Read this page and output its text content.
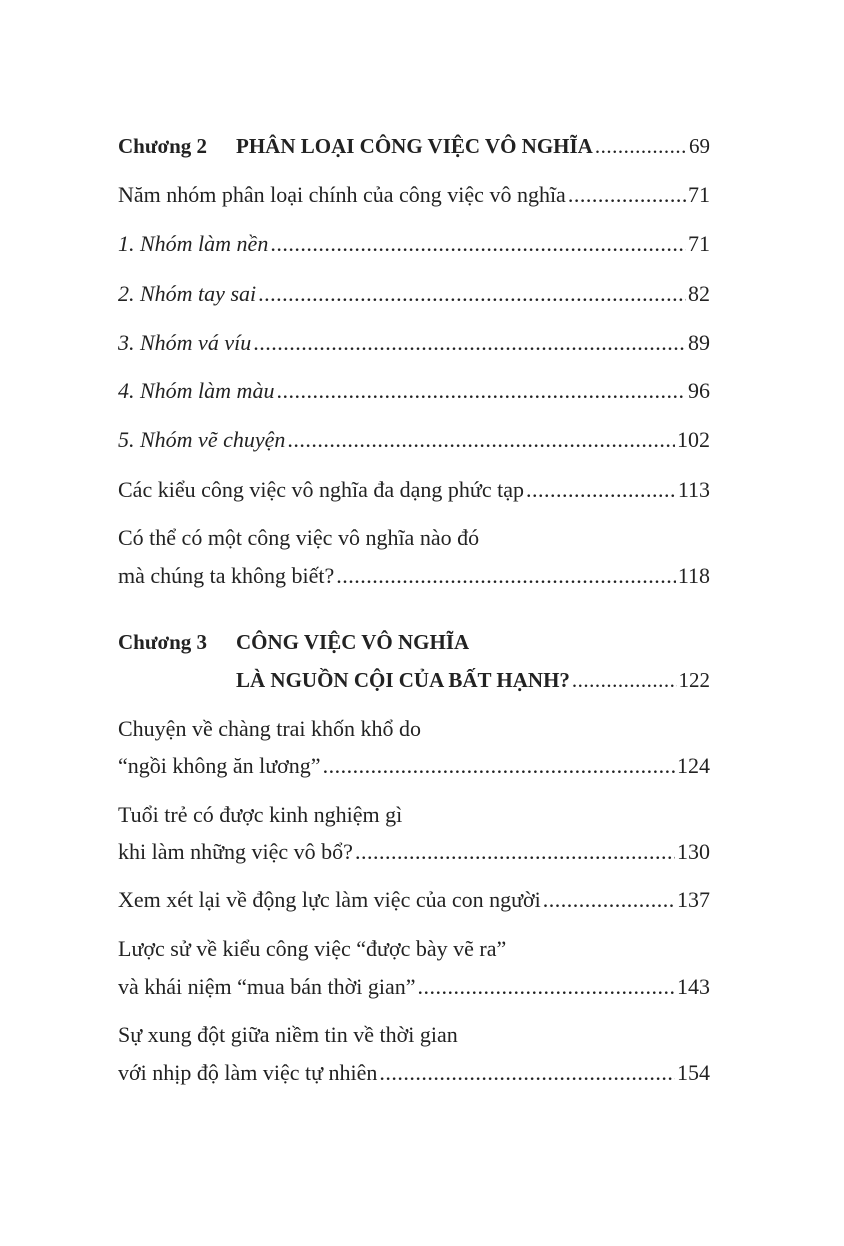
Chương 2 PHÂN LOẠI CÔNG VIỆC VÔ NGHĨA .....	69
Năm nhóm phân loại chính của công việc vô nghĩa .....	71
1. Nhóm làm nền .....	71
2. Nhóm tay sai .....	82
3. Nhóm vá víu .....	89
4. Nhóm làm màu .....	96
5. Nhóm vẽ chuyện .....	102
Các kiểu công việc vô nghĩa đa dạng phức tạp .....	113
Có thể có một công việc vô nghĩa nào đó
mà chúng ta không biết? .....	118
Chương 3 CÔNG VIỆC VÔ NGHĨA
LÀ NGUỒN CỘI CỦA BẤT HẠNH? .....	122
Chuyện về chàng trai khốn khổ do
“ngồi không ăn lương” .....	124
Tuổi trẻ có được kinh nghiệm gì
khi làm những việc vô bổ? .....	130
Xem xét lại về động lực làm việc của con người .....	137
Lược sử về kiểu công việc “được bày vẽ ra”
và khái niệm “mua bán thời gian” .....	143
Sự xung đột giữa niềm tin về thời gian
với nhịp độ làm việc tự nhiên .....	154
